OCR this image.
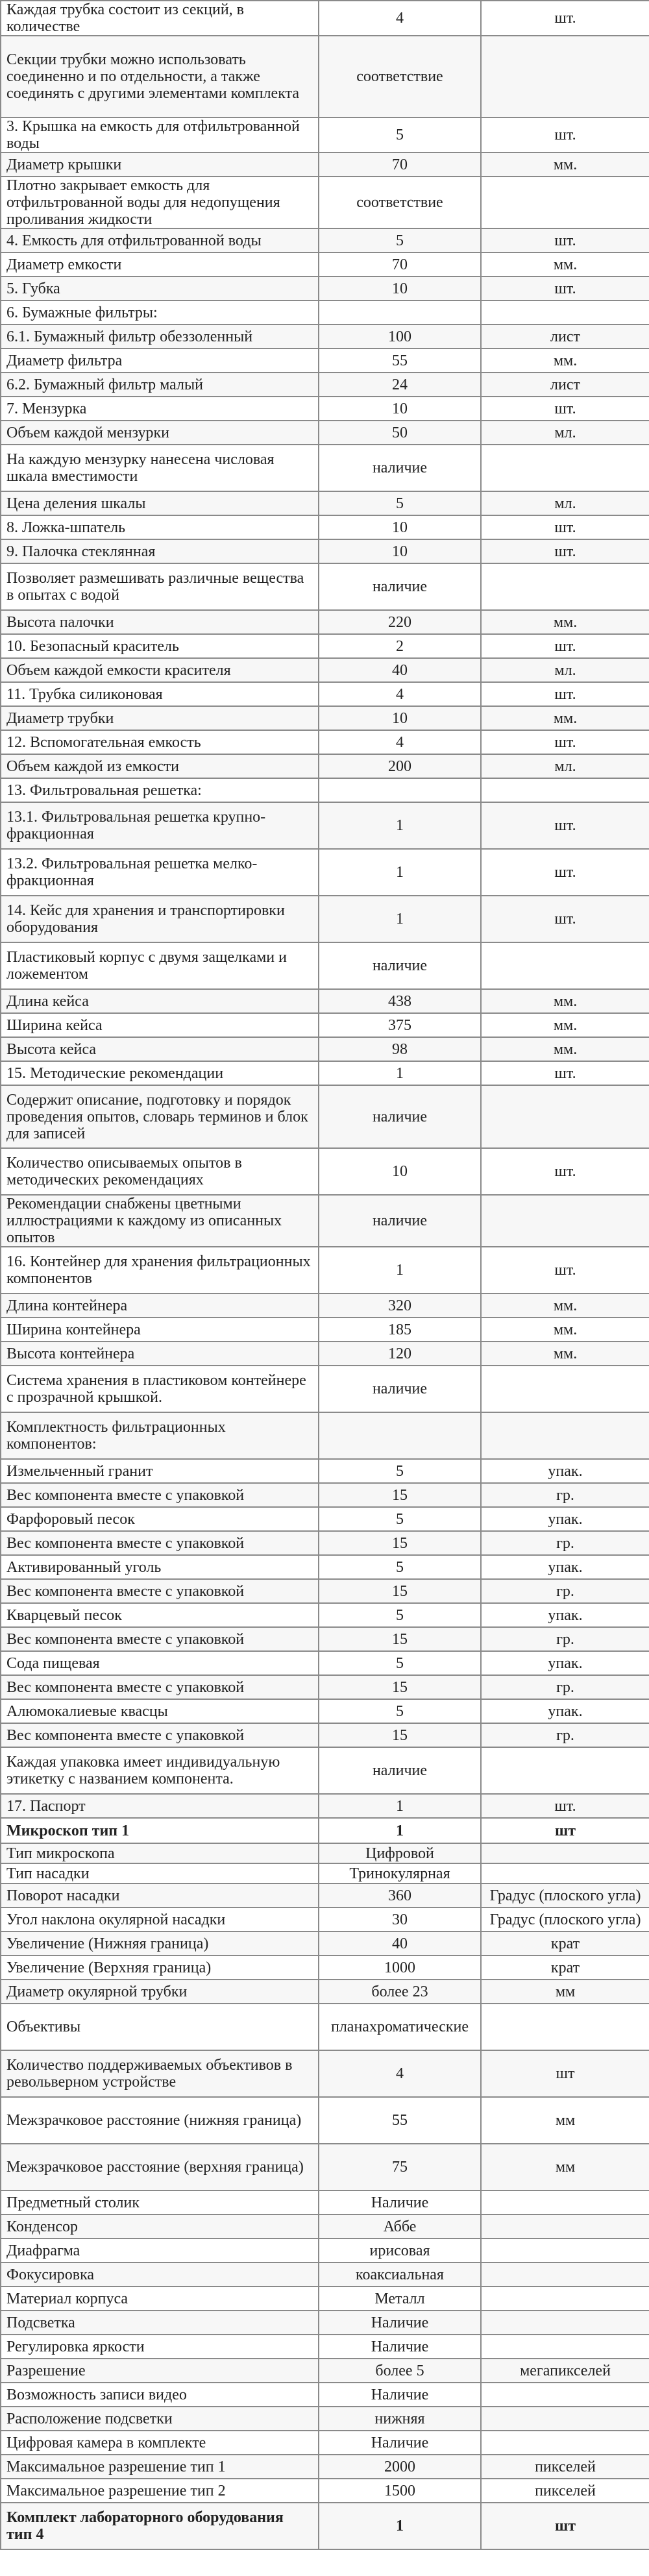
Каждая трубка состоит из секций, в количестве	4	шт.
Секции трубки можно использовать соединенно и по отдельности, а также соединять с другими элементами комплекта	соответствие	
3. Крышка на емкость для отфильтрованной воды	5	шт.
Диаметр крышки	70	мм.
Плотно закрывает емкость для отфильтрованной воды для недопущения проливания жидкости	соответствие	
4. Емкость для отфильтрованной воды	5	шт.
Диаметр емкости	70	мм.
5. Губка	10	шт.
6. Бумажные фильтры:		
6.1. Бумажный фильтр обеззоленный	100	лист
Диаметр фильтра	55	мм.
6.2. Бумажный фильтр малый	24	лист
7. Мензурка	10	шт.
Объем каждой мензурки	50	мл.
На каждую мензурку нанесена числовая шкала вместимости	наличие	
Цена деления шкалы	5	мл.
8. Ложка-шпатель	10	шт.
9. Палочка стеклянная	10	шт.
Позволяет размешивать различные вещества в опытах с водой	наличие	
Высота палочки	220	мм.
10. Безопасный краситель	2	шт.
Объем каждой емкости красителя	40	мл.
11. Трубка силиконовая	4	шт.
Диаметр трубки	10	мм.
12. Вспомогательная емкость	4	шт.
Объем каждой из емкости	200	мл.
13. Фильтровальная решетка:		
13.1. Фильтровальная решетка крупно-фракционная	1	шт.
13.2. Фильтровальная решетка мелко-фракционная	1	шт.
14. Кейс для хранения и транспортировки оборудования	1	шт.
Пластиковый корпус с двумя защелками и ложементом	наличие	
Длина кейса	438	мм.
Ширина кейса	375	мм.
Высота кейса	98	мм.
15. Методические рекомендации	1	шт.
Содержит описание, подготовку и порядок проведения опытов, словарь терминов и блок для записей	наличие	
Количество описываемых опытов в методических рекомендациях	10	шт.
Рекомендации снабжены цветными иллюстрациями к каждому из описанных опытов	наличие	
16. Контейнер для хранения фильтрационных компонентов	1	шт.
Длина контейнера	320	мм.
Ширина контейнера	185	мм.
Высота контейнера	120	мм.
Система хранения в пластиковом контейнере с прозрачной крышкой.	наличие	
Комплектность фильтрационных компонентов:		
Измельченный гранит	5	упак.
Вес компонента вместе с упаковкой	15	гр.
Фарфоровый песок	5	упак.
Вес компонента вместе с упаковкой	15	гр.
Активированный уголь	5	упак.
Вес компонента вместе с упаковкой	15	гр.
Кварцевый песок	5	упак.
Вес компонента вместе с упаковкой	15	гр.
Сода пищевая	5	упак.
Вес компонента вместе с упаковкой	15	гр.
Алюмокалиевые квасцы	5	упак.
Вес компонента вместе с упаковкой	15	гр.
Каждая упаковка имеет индивидуальную этикетку с названием компонента.	наличие	
17. Паспорт	1	шт.
Микроскоп тип 1	1	шт
Тип микроскопа	Цифровой	
Тип насадки	Тринокулярная	
Поворот насадки	360	Градус (плоского угла)
Угол наклона окулярной насадки	30	Градус (плоского угла)
Увеличение (Нижняя граница)	40	крат
Увеличение (Верхняя граница)	1000	крат
Диаметр окулярной трубки	более 23	мм
Объективы	планахроматические	
Количество поддерживаемых объективов в револьверном устройстве	4	шт
Межзрачковое расстояние (нижняя граница)	55	мм
Межзрачковое расстояние (верхняя граница)	75	мм
Предметный столик	Наличие	
Конденсор	Аббе	
Диафрагма	ирисовая	
Фокусировка	коаксиальная	
Материал корпуса	Металл	
Подсветка	Наличие	
Регулировка яркости	Наличие	
Разрешение	более 5	мегапикселей
Возможность записи видео	Наличие	
Расположение подсветки	нижняя	
Цифровая камера в комплекте	Наличие	
Максимальное разрешение тип 1	2000	пикселей
Максимальное разрешение тип 2	1500	пикселей
Комплект лабораторного оборудования тип 4	1	шт
